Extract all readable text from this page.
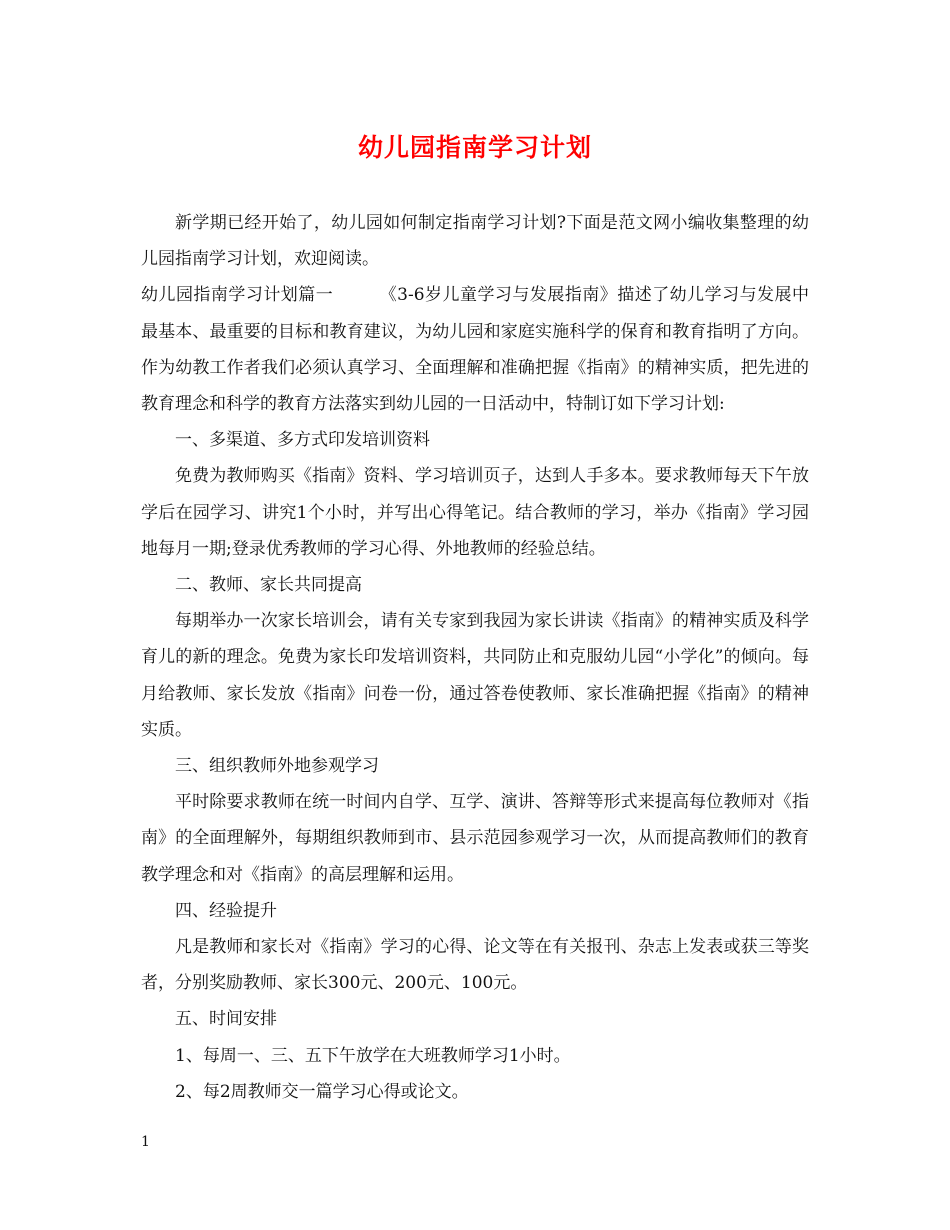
幼儿园指南学习计划

新学期已经开始了，幼儿园如何制定指南学习计划?下面是范文网小编收集整理的幼儿园指南学习计划，欢迎阅读。

幼儿园指南学习计划篇一	《3-6岁儿童学习与发展指南》描述了幼儿学习与发展中最基本、最重要的目标和教育建议，为幼儿园和家庭实施科学的保育和教育指明了方向。作为幼教工作者我们必须认真学习、全面理解和准确把握《指南》的精神实质，把先进的教育理念和科学的教育方法落实到幼儿园的一日活动中，特制订如下学习计划:

一、多渠道、多方式印发培训资料

免费为教师购买《指南》资料、学习培训页子，达到人手多本。要求教师每天下午放学后在园学习、讲究1个小时，并写出心得笔记。结合教师的学习，举办《指南》学习园地每月一期;登录优秀教师的学习心得、外地教师的经验总结。

二、教师、家长共同提高

每期举办一次家长培训会，请有关专家到我园为家长讲读《指南》的精神实质及科学育儿的新的理念。免费为家长印发培训资料，共同防止和克服幼儿园“小学化”的倾向。每月给教师、家长发放《指南》问卷一份，通过答卷使教师、家长准确把握《指南》的精神实质。

三、组织教师外地参观学习

平时除要求教师在统一时间内自学、互学、演讲、答辩等形式来提高每位教师对《指南》的全面理解外，每期组织教师到市、县示范园参观学习一次，从而提高教师们的教育教学理念和对《指南》的高层理解和运用。

四、经验提升

凡是教师和家长对《指南》学习的心得、论文等在有关报刊、杂志上发表或获三等奖者，分别奖励教师、家长300元、200元、100元。

五、时间安排

1、每周一、三、五下午放学在大班教师学习1小时。

2、每2周教师交一篇学习心得或论文。

1
